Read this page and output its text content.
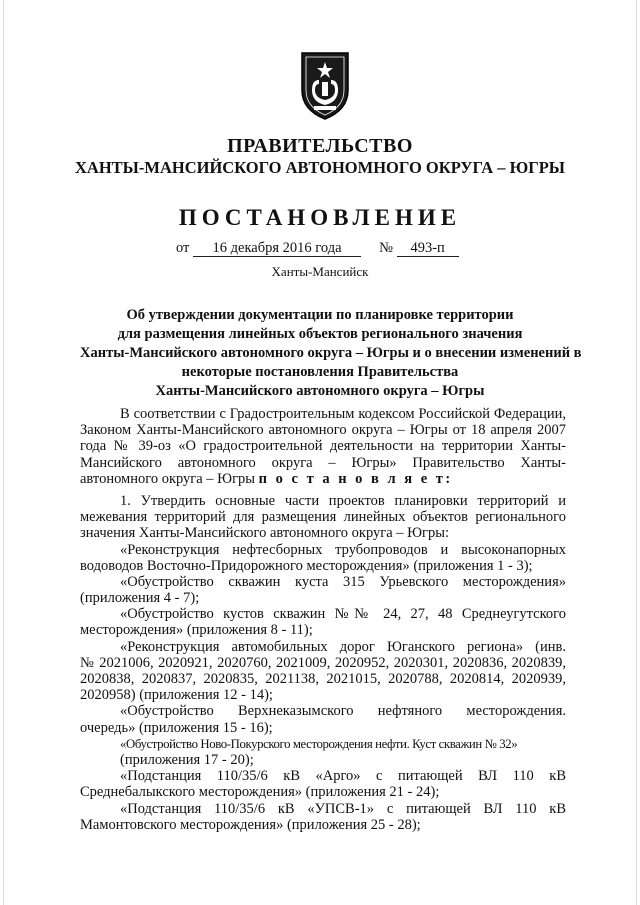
ПРАВИТЕЛЬСТВО
ХАНТЫ-МАНСИЙСКОГО АВТОНОМНОГО ОКРУГА – ЮГРЫ
ПОСТАНОВЛЕНИЕ
от 16 декабря 2016 года	№ 493-п
Ханты-Мансийск
Об утверждении документации по планировке территории
для размещения линейных объектов регионального значения
Ханты-Мансийского автономного округа – Югры и о внесении изменений в
некоторые постановления Правительства
Ханты-Мансийского автономного округа – Югры
В соответствии с Градостроительным кодексом Российской Федерации,
Законом Ханты-Мансийского автономного округа – Югры от 18 апреля 2007
года № 39-оз «О градостроительной деятельности на территории Ханты-
Мансийского автономного округа – Югры» Правительство Ханты-
автономного округа – Югры п о с т а н о в л я е т:
1. Утвердить основные части проектов планировки территорий и
межевания территорий для размещения линейных объектов регионального
значения Ханты-Мансийского автономного округа – Югры:
«Реконструкция нефтесборных трубопроводов и высоконапорных
водоводов Восточно-Придорожного месторождения» (приложения 1 - 3);
«Обустройство скважин куста 315 Урьевского месторождения»
(приложения 4 - 7);
«Обустройство кустов скважин №№ 24, 27, 48 Среднеугутского
месторождения» (приложения 8 - 11);
«Реконструкция автомобильных дорог Юганского региона» (инв.
№ 2021006, 2020921, 2020760, 2021009, 2020952, 2020301, 2020836, 2020839,
2020838, 2020837, 2020835, 2021138, 2021015, 2020788, 2020814, 2020939,
2020958) (приложения 12 - 14);
«Обустройство Верхнеказымского нефтяного месторождения.
очередь» (приложения 15 - 16);
«Обустройство Ново-Покурского месторождения нефти. Куст скважин № 32»
(приложения 17 - 20);
«Подстанция 110/35/6 кВ «Арго» с питающей ВЛ 110 кВ
Среднебалыкского месторождения» (приложения 21 - 24);
«Подстанция 110/35/6 кВ «УПСВ-1» с питающей ВЛ 110 кВ
Мамонтовского месторождения» (приложения 25 - 28);
